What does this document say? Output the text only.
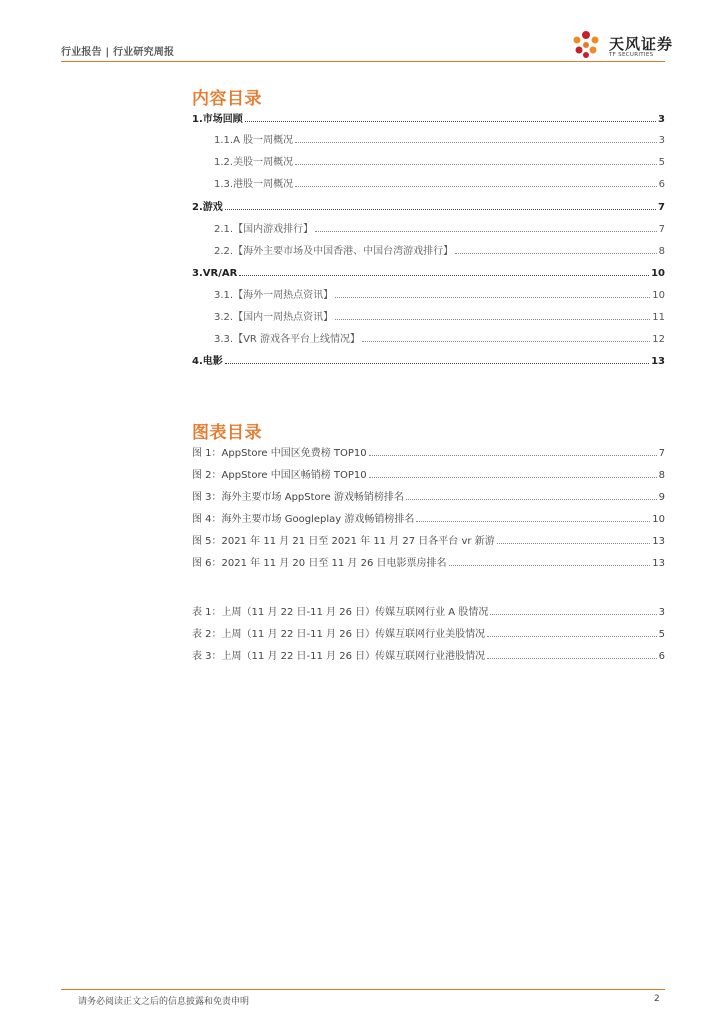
行业报告 | 行业研究周报	天风证券
TF SECURITIES
内容目录
1. 市场回顾	3
1.1. A 股一周概况	3
1.2. 美股一周概况	5
1.3. 港股一周概况	6
2. 游戏	7
2.1. 【国内游戏排行】	7
2.2. 【海外主要市场及中国香港、中国台湾游戏排行】	8
3. VR/AR	10
3.1. 【海外一周热点资讯】	10
3.2. 【国内一周热点资讯】	11
3.3. 【VR 游戏各平台上线情况】	12
4. 电影	13
图表目录
图 1： AppStore 中国区免费榜 TOP10	7
图 2： AppStore 中国区畅销榜 TOP10	8
图 3： 海外主要市场 AppStore 游戏畅销榜排名	9
图 4： 海外主要市场 Googleplay 游戏畅销榜排名	10
图 5： 2021 年 11 月 21 日至 2021 年 11 月 27 日各平台 vr 新游	13
图 6： 2021 年 11 月 20 日至 11 月 26 日电影票房排名	13
表 1： 上周（11 月 22 日-11 月 26 日）传媒互联网行业 A 股情况	3
表 2： 上周（11 月 22 日-11 月 26 日）传媒互联网行业美股情况	5
表 3： 上周（11 月 22 日-11 月 26 日）传媒互联网行业港股情况	6
请务必阅读正文之后的信息披露和免责申明	2
